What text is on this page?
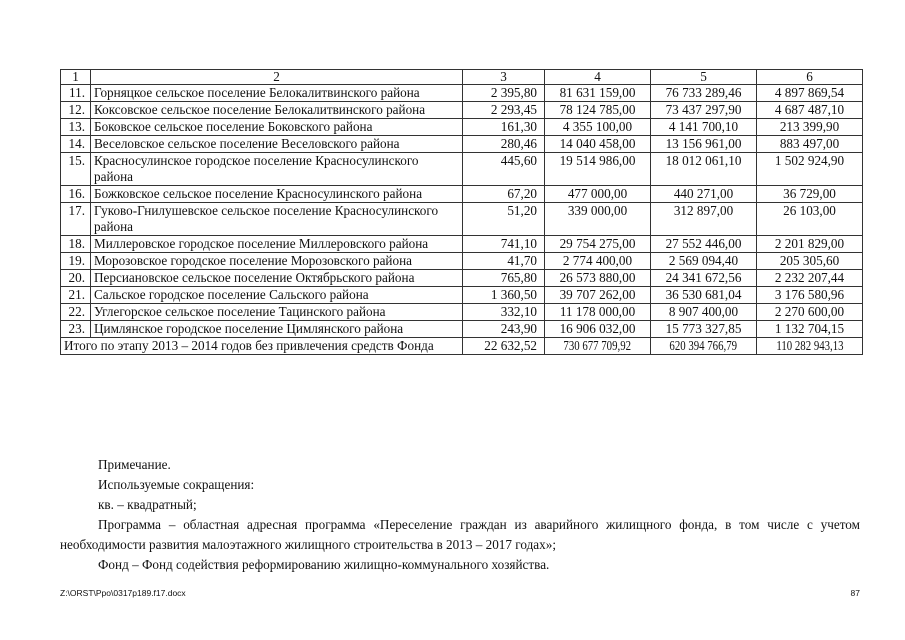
1	2	3	4	5	6
11.	Горняцкое сельское поселение Белокалитвинского района	2 395,80	81 631 159,00	76 733 289,46	4 897 869,54
12.	Коксовское сельское поселение Белокалитвинского района	2 293,45	78 124 785,00	73 437 297,90	4 687 487,10
13.	Боковское сельское поселение Боковского района	161,30	4 355 100,00	4 141 700,10	213 399,90
14.	Веселовское сельское поселение Веселовского района	280,46	14 040 458,00	13 156 961,00	883 497,00
15.	Красносулинское городское поселение Красносулинского района	445,60	19 514 986,00	18 012 061,10	1 502 924,90
16.	Божковское сельское поселение Красносулинского района	67,20	477 000,00	440 271,00	36 729,00
17.	Гуково-Гнилушевское сельское поселение Красносулинского района	51,20	339 000,00	312 897,00	26 103,00
18.	Миллеровское городское поселение Миллеровского района	741,10	29 754 275,00	27 552 446,00	2 201 829,00
19.	Морозовское городское поселение Морозовского района	41,70	2 774 400,00	2 569 094,40	205 305,60
20.	Персиановское сельское поселение Октябрьского района	765,80	26 573 880,00	24 341 672,56	2 232 207,44
21.	Сальское городское поселение Сальского района	1 360,50	39 707 262,00	36 530 681,04	3 176 580,96
22.	Углегорское сельское поселение Тацинского района	332,10	11 178 000,00	8 907 400,00	2 270 600,00
23.	Цимлянское городское поселение Цимлянского района	243,90	16 906 032,00	15 773 327,85	1 132 704,15
Итого по этапу 2013 – 2014 годов без привлечения средств Фонда		22 632,52	730 677 709,92	620 394 766,79	110 282 943,13

Примечание.

Используемые сокращения:

кв. – квадратный;

Программа – областная адресная программа «Переселение граждан из аварийного жилищного фонда, в том числе с учетом необходимости развития малоэтажного жилищного строительства в 2013 – 2017 годах»;

Фонд – Фонд содействия реформированию жилищно-коммунального хозяйства.

Z:\ORST\Ppo\0317p189.f17.docx	87
